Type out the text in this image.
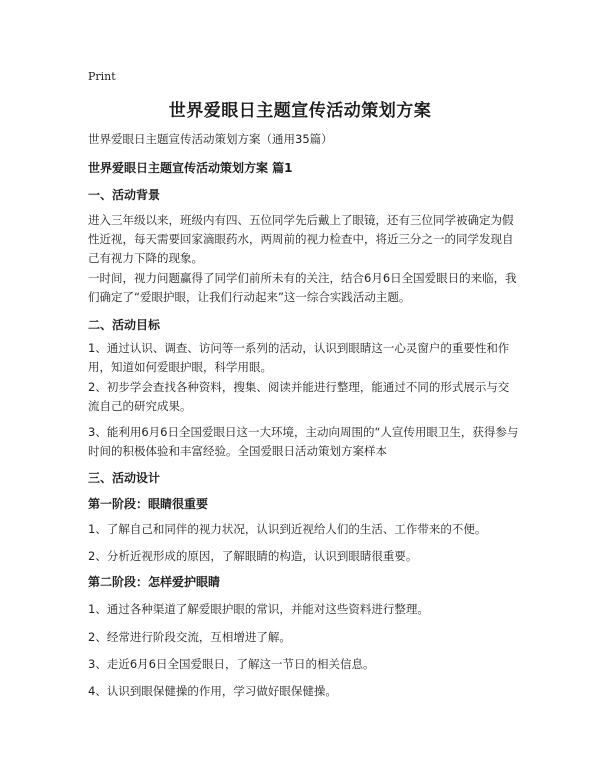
Print
世界爱眼日主题宣传活动策划方案
世界爱眼日主题宣传活动策划方案（通用35篇）
世界爱眼日主题宣传活动策划方案 篇1
一、活动背景
进入三年级以来，班级内有四、五位同学先后戴上了眼镜，还有三位同学被确定为假性近视，每天需要回家滴眼药水，两周前的视力检查中，将近三分之一的同学发现自己有视力下降的现象。
一时间，视力问题赢得了同学们前所未有的关注，结合6月6日全国爱眼日的来临，我们确定了“爱眼护眼，让我们行动起来”这一综合实践活动主题。
二、活动目标
1、通过认识、调查、访问等一系列的活动，认识到眼睛这一心灵窗户的重要性和作用，知道如何爱眼护眼，科学用眼。
2、初步学会查找各种资料，搜集、阅读并能进行整理，能通过不同的形式展示与交流自己的研究成果。
3、能利用6月6日全国爱眼日这一大环境，主动向周围的“人宣传用眼卫生，获得参与时间的积极体验和丰富经验。全国爱眼日活动策划方案样本
三、活动设计
第一阶段：眼睛很重要
1、了解自己和同伴的视力状况，认识到近视给人们的生活、工作带来的不便。
2、分析近视形成的原因，了解眼睛的构造，认识到眼睛很重要。
第二阶段：怎样爱护眼睛
1、通过各种渠道了解爱眼护眼的常识，并能对这些资料进行整理。
2、经常进行阶段交流，互相增进了解。
3、走近6月6日全国爱眼日，了解这一节日的相关信息。
4、认识到眼保健操的作用，学习做好眼保健操。
